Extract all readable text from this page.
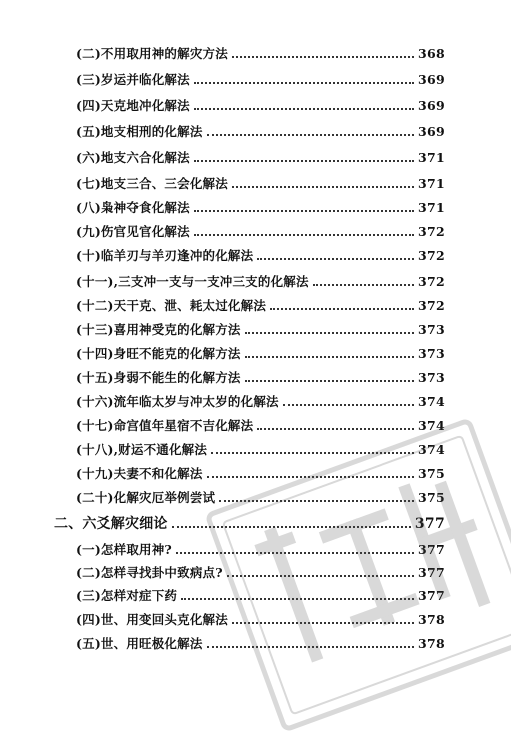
(二)不用取用神的解灾方法	368
(三)岁运并临化解法	369
(四)天克地冲化解法	369
(五)地支相刑的化解法	369
(六)地支六合化解法	371
(七)地支三合、三会化解法	371
(八)枭神夺食化解法	371
(九)伤官见官化解法	372
(十)临羊刃与羊刃逢冲的化解法	372
(十一),三支冲一支与一支冲三支的化解法	372
(十二)天干克、泄、耗太过化解法	372
(十三)喜用神受克的化解方法	373
(十四)身旺不能克的化解方法	373
(十五)身弱不能生的化解方法	373
(十六)流年临太岁与冲太岁的化解法	374
(十七)命宫值年星宿不吉化解法	374
(十八),财运不通化解法	374
(十九)夫妻不和化解法	375
(二十)化解灾厄举例尝试	375
二、六爻解灾细论	377
(一)怎样取用神?	377
(二)怎样寻找卦中致病点?	377
(三)怎样对症下药	377
(四)世、用变回头克化解法	378
(五)世、用旺极化解法	378
